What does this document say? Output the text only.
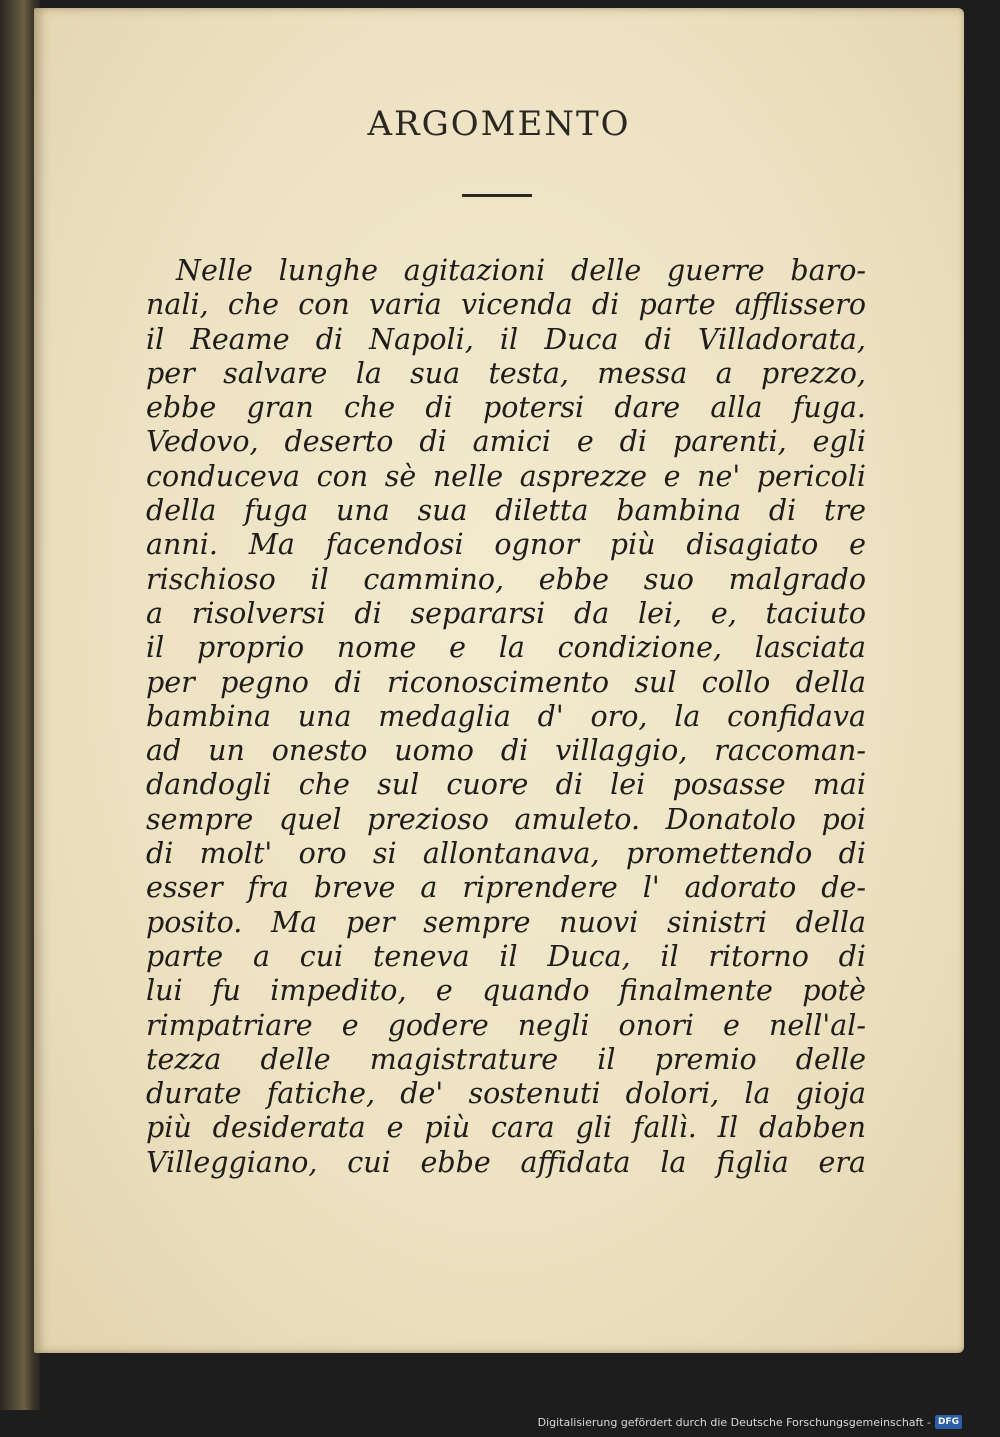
ARGOMENTO
Nelle lunghe agitazioni delle guerre baro-
nali, che con varia vicenda di parte afflissero
il Reame di Napoli, il Duca di Villadorata,
per salvare la sua testa, messa a prezzo,
ebbe gran che di potersi dare alla fuga.
Vedovo, deserto di amici e di parenti, egli
conduceva con sè nelle asprezze e ne' pericoli
della fuga una sua diletta bambina di tre
anni. Ma facendosi ognor più disagiato e
rischioso il cammino, ebbe suo malgrado
a risolversi di separarsi da lei, e, taciuto
il proprio nome e la condizione, lasciata
per pegno di riconoscimento sul collo della
bambina una medaglia d' oro, la confidava
ad un onesto uomo di villaggio, raccoman-
dandogli che sul cuore di lei posasse mai
sempre quel prezioso amuleto. Donatolo poi
di molt' oro si allontanava, promettendo di
esser fra breve a riprendere l' adorato de-
posito. Ma per sempre nuovi sinistri della
parte a cui teneva il Duca, il ritorno di
lui fu impedito, e quando finalmente potè
rimpatriare e godere negli onori e nell'al-
tezza delle magistrature il premio delle
durate fatiche, de' sostenuti dolori, la gioja
più desiderata e più cara gli fallì. Il dabben
Villeggiano, cui ebbe affidata la figlia era
Digitalisierung gefördert durch die Deutsche Forschungsgemeinschaft - DFG
